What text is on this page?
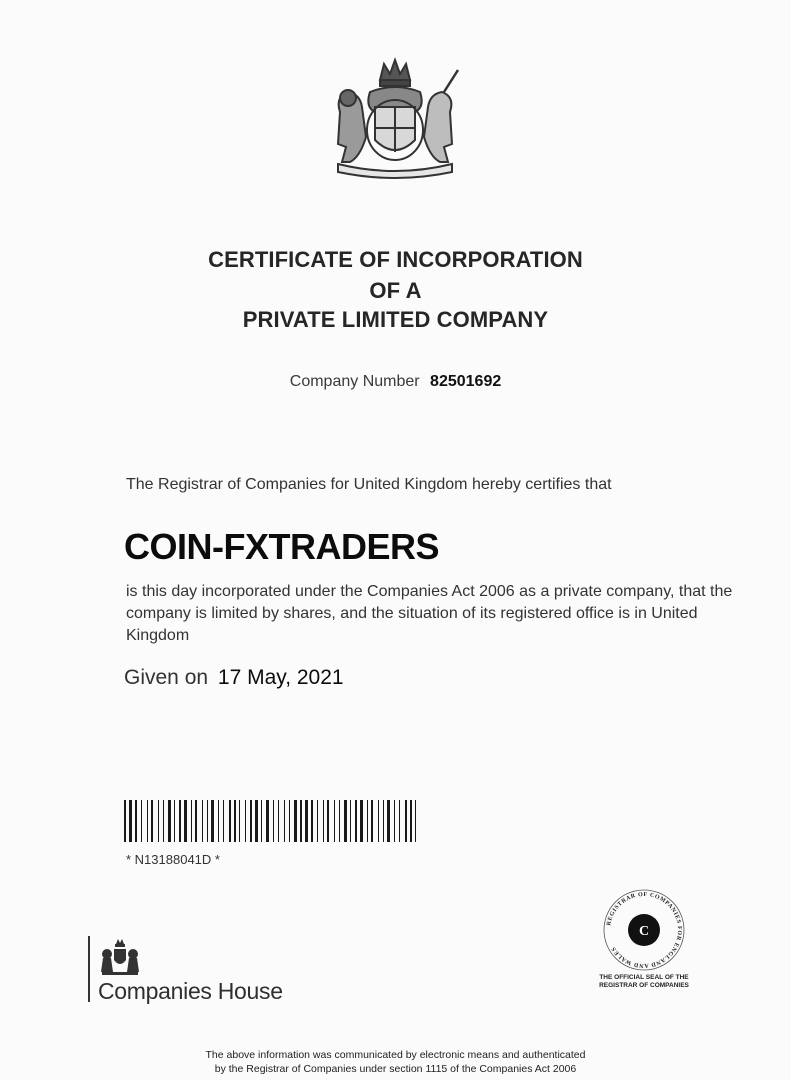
CERTIFICATE OF INCORPORATION
OF A
PRIVATE LIMITED COMPANY
Company Number 82501692
The Registrar of Companies for United Kingdom hereby certifies that
COIN-FXTRADERS
is this day incorporated under the Companies Act 2006 as a private company, that the company is limited by shares, and the situation of its registered office is in United Kingdom
Given on 17 May, 2021
* N13188041D *
Companies House
REGISTRAR OF COMPANIES FOR ENGLAND AND WALES
C
THE OFFICIAL SEAL OF THE
REGISTRAR OF COMPANIES
The above information was communicated by electronic means and authenticated
by the Registrar of Companies under section 1115 of the Companies Act 2006
